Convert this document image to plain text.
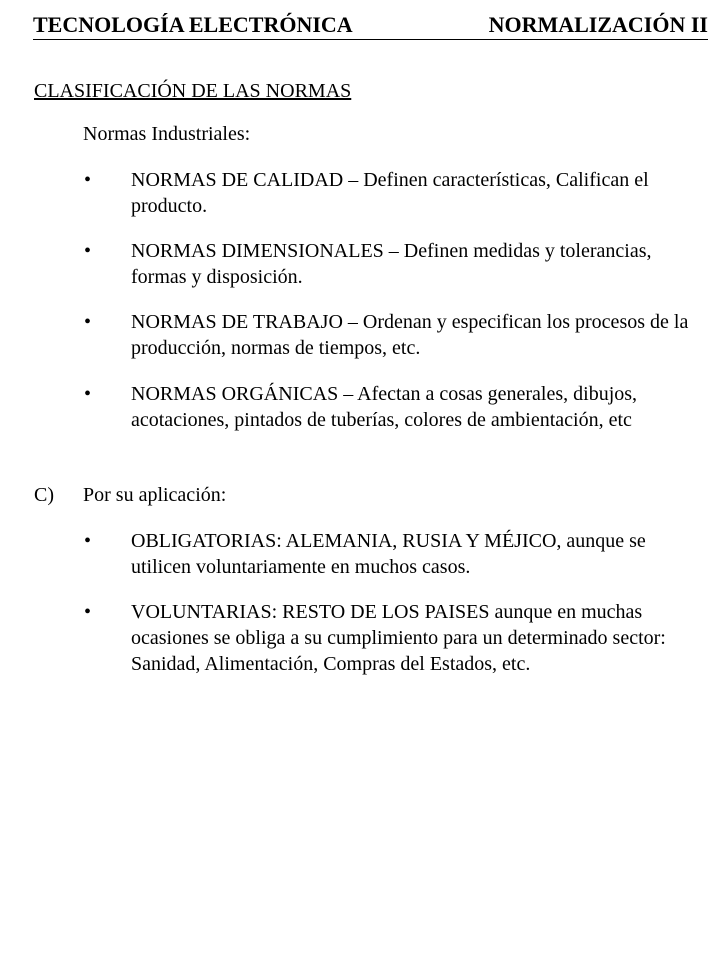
TECNOLOGÍA ELECTRÓNICA	NORMALIZACIÓN II
CLASIFICACIÓN DE LAS NORMAS
Normas Industriales:
• NORMAS DE CALIDAD – Definen características, Califican el producto.
• NORMAS DIMENSIONALES – Definen medidas y tolerancias, formas y disposición.
• NORMAS DE TRABAJO – Ordenan y especifican los procesos de la producción, normas de tiempos, etc.
• NORMAS ORGÁNICAS – Afectan a cosas generales, dibujos, acotaciones, pintados de tuberías, colores de ambientación, etc
C) Por su aplicación:
• OBLIGATORIAS: ALEMANIA, RUSIA Y MÉJICO, aunque se utilicen voluntariamente en muchos casos.
• VOLUNTARIAS: RESTO DE LOS PAISES aunque en muchas ocasiones se obliga a su cumplimiento para un determinado sector: Sanidad, Alimentación, Compras del Estados, etc.
